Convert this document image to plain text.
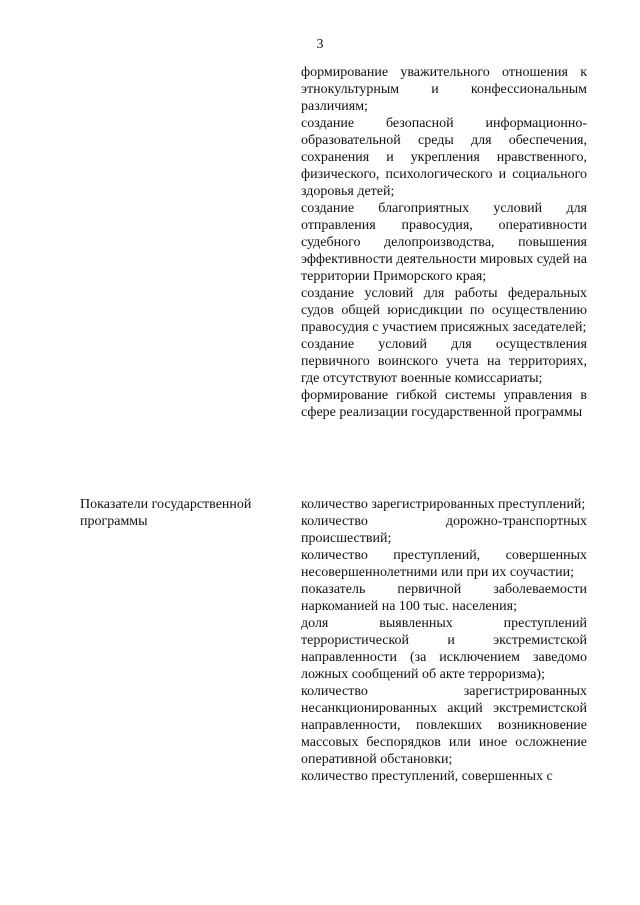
3

формирование уважительного отношения к этнокультурным и конфессиональным различиям;

создание безопасной информационно-образовательной среды для обеспечения, сохранения и укрепления нравственного, физического, психологического и социального здоровья детей;

создание благоприятных условий для отправления правосудия, оперативности судебного делопроизводства, повышения эффективности деятельности мировых судей на территории Приморского края;

создание условий для работы федеральных судов общей юрисдикции по осуществлению правосудия с участием присяжных заседателей;

создание условий для осуществления первичного воинского учета на территориях, где отсутствуют военные комиссариаты;

формирование гибкой системы управления в сфере реализации государственной программы

Показатели государственной программы

количество зарегистрированных преступлений;

количество дорожно-транспортных происшествий;

количество преступлений, совершенных несовершеннолетними или при их соучастии;

показатель первичной заболеваемости наркоманией на 100 тыс. населения;

доля выявленных преступлений террористической и экстремистской направленности (за исключением заведомо ложных сообщений об акте терроризма);

количество зарегистрированных несанкционированных акций экстремистской направленности, повлекших возникновение массовых беспорядков или иное осложнение оперативной обстановки;

количество преступлений, совершенных с
